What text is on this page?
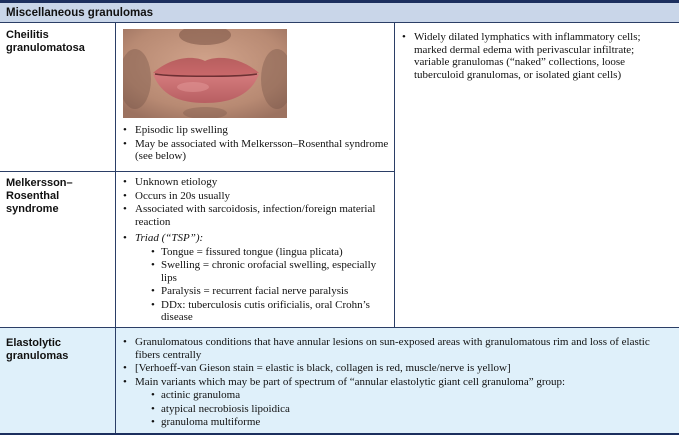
Miscellaneous granulomas
Cheilitis granulomatosa
• Episodic lip swelling
• May be associated with Melkersson–Rosenthal syndrome (see below)
• Widely dilated lymphatics with inflammatory cells; marked dermal edema with perivascular infiltrate; variable granulomas (“naked” collections, loose tuberculoid granulomas, or isolated giant cells)
Melkersson–Rosenthal syndrome
• Unknown etiology
• Occurs in 20s usually
• Associated with sarcoidosis, infection/foreign material reaction
• Triad (“TSP”):
• Tongue = fissured tongue (lingua plicata)
• Swelling = chronic orofacial swelling, especially lips
• Paralysis = recurrent facial nerve paralysis
• DDx: tuberculosis cutis orificialis, oral Crohn’s disease
Elastolytic granulomas
• Granulomatous conditions that have annular lesions on sun-exposed areas with granulomatous rim and loss of elastic fibers centrally
• [Verhoeff-van Gieson stain = elastic is black, collagen is red, muscle/nerve is yellow]
• Main variants which may be part of spectrum of “annular elastolytic giant cell granuloma” group:
• actinic granuloma
• atypical necrobiosis lipoidica
• granuloma multiforme
